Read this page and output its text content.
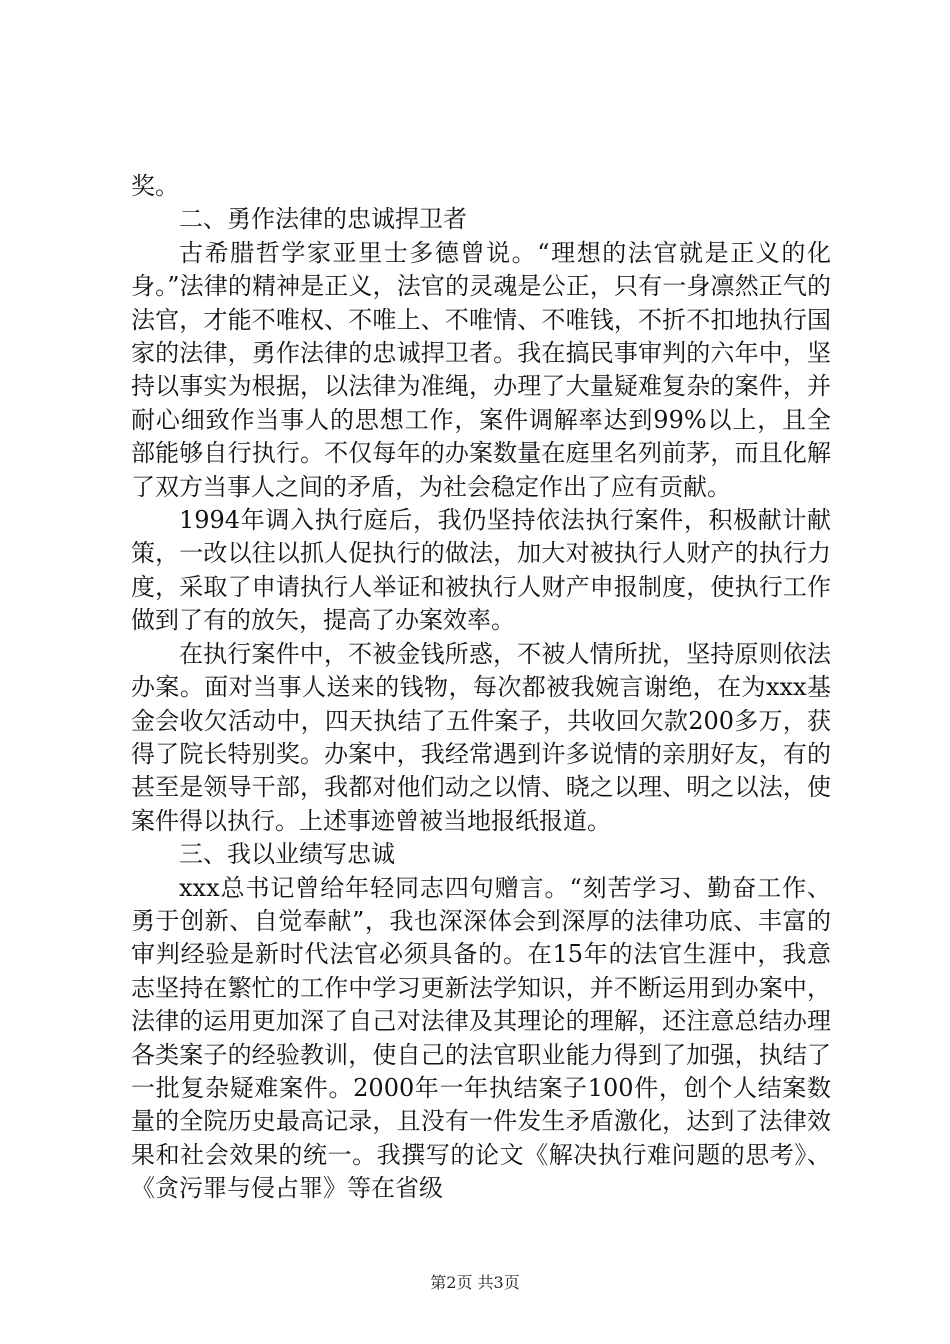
奖。

二、勇作法律的忠诚捍卫者

古希腊哲学家亚里士多德曾说。“理想的法官就是正义的化身。”法律的精神是正义，法官的灵魂是公正，只有一身凛然正气的法官，才能不唯权、不唯上、不唯情、不唯钱，不折不扣地执行国家的法律，勇作法律的忠诚捍卫者。我在搞民事审判的六年中，坚持以事实为根据，以法律为准绳，办理了大量疑难复杂的案件，并耐心细致作当事人的思想工作，案件调解率达到99%以上，且全部能够自行执行。不仅每年的办案数量在庭里名列前茅，而且化解了双方当事人之间的矛盾，为社会稳定作出了应有贡献。

1994年调入执行庭后，我仍坚持依法执行案件，积极献计献策，一改以往以抓人促执行的做法，加大对被执行人财产的执行力度，采取了申请执行人举证和被执行人财产申报制度，使执行工作做到了有的放矢，提高了办案效率。

在执行案件中，不被金钱所惑，不被人情所扰，坚持原则依法办案。面对当事人送来的钱物，每次都被我婉言谢绝，在为xxx基金会收欠活动中，四天执结了五件案子，共收回欠款200多万，获得了院长特别奖。办案中，我经常遇到许多说情的亲朋好友，有的甚至是领导干部，我都对他们动之以情、晓之以理、明之以法，使案件得以执行。上述事迹曾被当地报纸报道。

三、我以业绩写忠诚

xxx总书记曾给年轻同志四句赠言。“刻苦学习、勤奋工作、勇于创新、自觉奉献”，我也深深体会到深厚的法律功底、丰富的审判经验是新时代法官必须具备的。在15年的法官生涯中，我意志坚持在繁忙的工作中学习更新法学知识，并不断运用到办案中，法律的运用更加深了自己对法律及其理论的理解，还注意总结办理各类案子的经验教训，使自己的法官职业能力得到了加强，执结了一批复杂疑难案件。2000年一年执结案子100件，创个人结案数量的全院历史最高记录，且没有一件发生矛盾激化，达到了法律效果和社会效果的统一。我撰写的论文《解决执行难问题的思考》、《贪污罪与侵占罪》等在省级

第2页 共3页
